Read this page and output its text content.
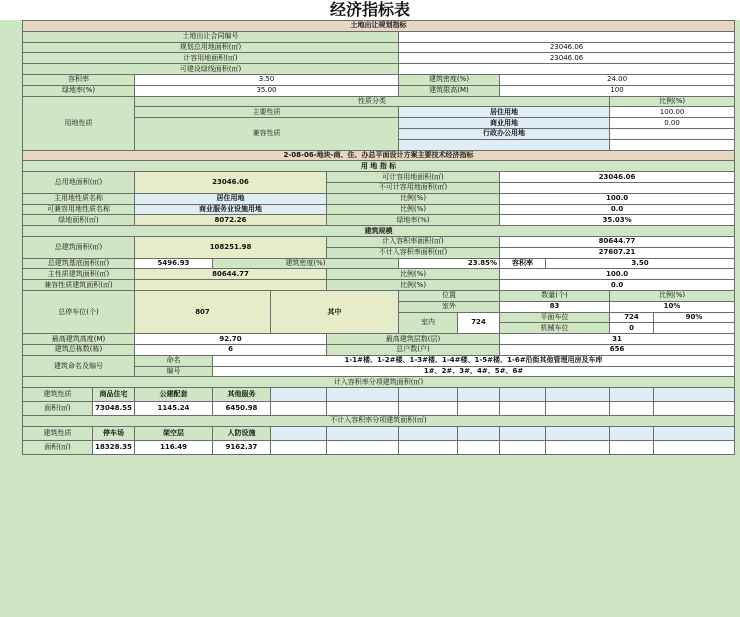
经济指标表
土地出让规划指标											
土地出让合同编号											
规划总用地面积(㎡)						23046.06					
计容用地面积(㎡)						23046.06					
可建设绿线面积(㎡)											
容积率		3.50				建筑密度(%)		24.00			
绿地率(%)		35.00				建筑限高(M)		100			
用地性质		性质分类								比例(%)	
		主要性质				居住用地				100.00	
		兼容性质				商业用地				0.00	
						行政办公用地					

2-08-06-地块-商、住、办总平面设计方案主要技术经济指标											
用 地 指 标											
总用地面积(㎡)		23046.06			可计容用地面积(㎡)			23046.06			
					不可计容用地面积(㎡)						
主用地性质名称		居住用地			比例(%)			100.0			
可兼容用地性质名称		商业服务业设施用地			比例(%)			0.0			
绿地面积(㎡)		8072.26			绿地率(%)			35.03%			
建筑规模											
总建筑面积(㎡)		108251.98			计入容积率面积(㎡)			80644.77			
					不计入容积率面积(㎡)			27607.21			
总建筑基底面积(㎡)		5496.93	建筑密度(%)			23.85%		容积率	3.50		
主性质建筑面积(㎡)		80644.77			比例(%)			100.0			
兼容性质建筑面积(㎡)					比例(%)			0.0			
总停车位(个)		807		其中		位置		数量(个)		比例(%)	
						室外		83		10%	
						室内	724	平面车位		724	90%
								机械车位		0	
最高建筑高度(M)		92.70			最高建筑层数(层)			31			
建筑总栋数(栋)		6			总户数(户)			656			
建筑命名及编号		命名	1-1#楼、1-2#楼、1-3#楼、1-4#楼、1-5#楼、1-6#沿街其他管理用房及车库								
		编号	1#、2#、3#、4#、5#、6#								
计入容积率分项建筑面积(㎡)											
建筑性质	商品住宅	公建配套	其他服务								
面积(㎡)	73048.55	1145.24	6450.98								
不计入容积率分项建筑面积(㎡)											
建筑性质	停车场	架空层	人防设施								
面积(㎡)	18328.35	116.49	9162.37								
